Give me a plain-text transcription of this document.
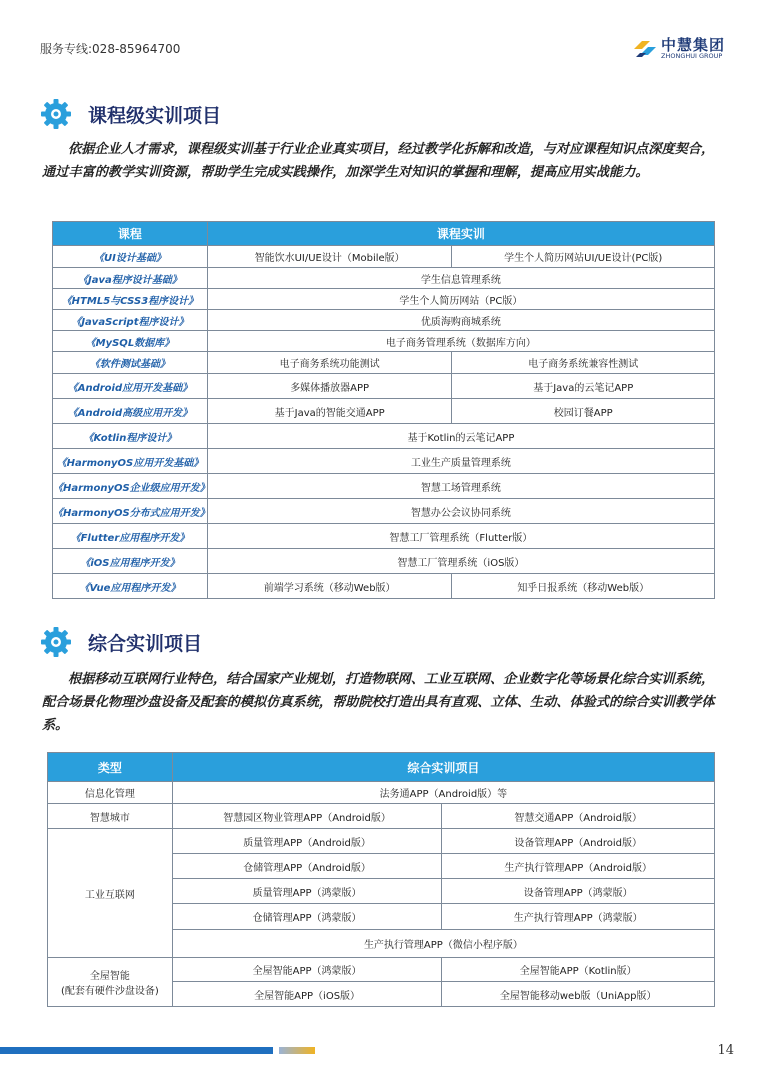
服务专线:028-85964700	中慧集团
ZHONGHUI GROUP
课程级实训项目
依据企业人才需求，课程级实训基于行业企业真实项目，经过教学化拆解和改造，与对应课程知识点深度契合，通过丰富的教学实训资源，帮助学生完成实践操作，加深学生对知识的掌握和理解，提高应用实战能力。
课程	课程实训	
《UI设计基础》	智能饮水UI/UE设计（Mobile版）	学生个人简历网站UI/UE设计(PC版)
《Java程序设计基础》	学生信息管理系统	
《HTML5与CSS3程序设计》	学生个人简历网站（PC版）	
《JavaScript程序设计》	优质海购商城系统	
《MySQL数据库》	电子商务管理系统（数据库方向）	
《软件测试基础》	电子商务系统功能测试	电子商务系统兼容性测试
《Android应用开发基础》	多媒体播放器APP	基于Java的云笔记APP
《Android高级应用开发》	基于Java的智能交通APP	校园订餐APP
《Kotlin程序设计》	基于Kotlin的云笔记APP	
《HarmonyOS应用开发基础》	工业生产质量管理系统	
《HarmonyOS企业级应用开发》	智慧工场管理系统	
《HarmonyOS分布式应用开发》	智慧办公会议协同系统	
《Flutter应用程序开发》	智慧工厂管理系统（Flutter版）	
《iOS应用程序开发》	智慧工厂管理系统（iOS版）	
《Vue应用程序开发》	前端学习系统（移动Web版）	知乎日报系统（移动Web版）
综合实训项目
根据移动互联网行业特色，结合国家产业规划，打造物联网、工业互联网、企业数字化等场景化综合实训系统，配合场景化物理沙盘设备及配套的模拟仿真系统，帮助院校打造出具有直观、立体、生动、体验式的综合实训教学体系。
类型	综合实训项目	
信息化管理	法务通APP（Android版）等	
智慧城市	智慧园区物业管理APP（Android版）	智慧交通APP（Android版）
工业互联网	质量管理APP（Android版）	设备管理APP（Android版）
	仓储管理APP（Android版）	生产执行管理APP（Android版）
	质量管理APP（鸿蒙版）	设备管理APP（鸿蒙版）
	仓储管理APP（鸿蒙版）	生产执行管理APP（鸿蒙版）
	生产执行管理APP（微信小程序版）	

全屋智能
(配套有硬件沙盘设备)	全屋智能APP（鸿蒙版）	全屋智能APP（Kotlin版）
	全屋智能APP（iOS版）	全屋智能移动web版（UniApp版）
14
